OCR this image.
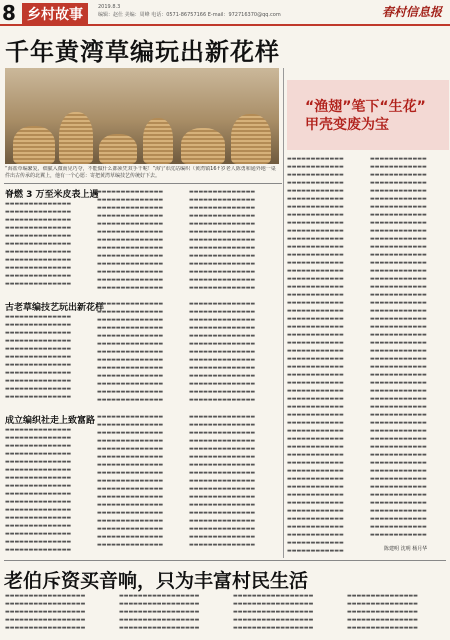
8 乡村故事	2019.8.3
编辑：赵仕 美编：周峰 电话：0571-86757166 E-mail：972716370@qq.com	春村信息报
千年黄湾草编玩出新花样
“海盐草编繁复、细腻入微而见巧夺，不能做什么都须凭双手干呢！”海宁市沈站编织（黄湾镇16↑岁老人陈勇和通外地一桌件出古传承的北翼上，他有一个心愿：寄把黄湾草编技艺传统好下去。
“渔翅”笔下“生花”
甲壳变废为宝
脊燃 3 万至米皮表上遇
古老草编技艺玩出新花样
成立编织社走上致富路
▬▬▬▬▬▬▬▬▬▬▬▬▬▬
▬▬▬▬▬▬▬▬▬▬▬▬▬▬
▬▬▬▬▬▬▬▬▬▬▬▬▬▬
▬▬▬▬▬▬▬▬▬▬▬▬▬▬
▬▬▬▬▬▬▬▬▬▬▬▬▬▬
▬▬▬▬▬▬▬▬▬▬▬▬▬▬
▬▬▬▬▬▬▬▬▬▬▬▬▬▬
▬▬▬▬▬▬▬▬▬▬▬▬▬▬
▬▬▬▬▬▬▬▬▬▬▬▬▬▬
▬▬▬▬▬▬▬▬▬▬▬▬▬▬
▬▬▬▬▬▬▬▬▬▬▬▬▬▬
▬▬▬▬▬▬▬▬▬▬▬▬▬▬
▬▬▬▬▬▬▬▬▬▬▬▬▬▬
▬▬▬▬▬▬▬▬▬▬▬▬▬▬
▬▬▬▬▬▬▬▬▬▬▬▬▬▬
▬▬▬▬▬▬▬▬▬▬▬▬▬▬
▬▬▬▬▬▬▬▬▬▬▬▬▬▬
▬▬▬▬▬▬▬▬▬▬▬▬▬▬
▬▬▬▬▬▬▬▬▬▬▬▬▬▬
▬▬▬▬▬▬▬▬▬▬▬▬▬▬
▬▬▬▬▬▬▬▬▬▬▬▬▬▬
▬▬▬▬▬▬▬▬▬▬▬▬▬▬
▬▬▬▬▬▬▬▬▬▬▬▬▬▬
▬▬▬▬▬▬▬▬▬▬▬▬▬▬
▬▬▬▬▬▬▬▬▬▬▬▬▬▬
▬▬▬▬▬▬▬▬▬▬▬▬▬▬
▬▬▬▬▬▬▬▬▬▬▬▬▬▬
▬▬▬▬▬▬▬▬▬▬▬▬▬▬
▬▬▬▬▬▬▬▬▬▬▬▬▬▬
▬▬▬▬▬▬▬▬▬▬▬▬▬▬
▬▬▬▬▬▬▬▬▬▬▬▬▬▬
▬▬▬▬▬▬▬▬▬▬▬▬▬▬
▬▬▬▬▬▬▬▬▬▬▬▬▬▬
▬▬▬▬▬▬▬▬▬▬▬▬▬▬
▬▬▬▬▬▬▬▬▬▬▬▬▬▬
▬▬▬▬▬▬▬▬▬▬▬▬▬▬
▬▬▬▬▬▬▬▬▬▬▬▬▬▬
▬▬▬▬▬▬▬▬▬▬▬▬▬▬
▬▬▬▬▬▬▬▬▬▬▬▬▬▬
▬▬▬▬▬▬▬▬▬▬▬▬▬▬
▬▬▬▬▬▬▬▬▬▬▬▬▬▬
▬▬▬▬▬▬▬▬▬▬▬▬▬▬
▬▬▬▬▬▬▬▬▬▬▬▬▬▬
▬▬▬▬▬▬▬▬▬▬▬▬▬▬
▬▬▬▬▬▬▬▬▬▬▬▬▬▬
▬▬▬▬▬▬▬▬▬▬▬▬▬▬
▬▬▬▬▬▬▬▬▬▬▬▬▬▬
▬▬▬▬▬▬▬▬▬▬▬▬▬▬
▬▬▬▬▬▬▬▬▬▬▬▬▬▬
▬▬▬▬▬▬▬▬▬▬▬▬▬▬
▬▬▬▬▬▬▬▬▬▬▬▬▬▬
▬▬▬▬▬▬▬▬▬▬▬▬▬▬
▬▬▬▬▬▬▬▬▬▬▬▬▬▬
▬▬▬▬▬▬▬▬▬▬▬▬▬▬
▬▬▬▬▬▬▬▬▬▬▬▬▬▬
▬▬▬▬▬▬▬▬▬▬▬▬▬▬
▬▬▬▬▬▬▬▬▬▬▬▬▬▬
▬▬▬▬▬▬▬▬▬▬▬▬▬▬
▬▬▬▬▬▬▬▬▬▬▬▬▬▬
▬▬▬▬▬▬▬▬▬▬▬▬▬▬
▬▬▬▬▬▬▬▬▬▬▬▬▬▬
▬▬▬▬▬▬▬▬▬▬▬▬▬▬
▬▬▬▬▬▬▬▬▬▬▬▬▬▬
▬▬▬▬▬▬▬▬▬▬▬▬▬▬
▬▬▬▬▬▬▬▬▬▬▬▬▬▬
▬▬▬▬▬▬▬▬▬▬▬▬▬▬
▬▬▬▬▬▬▬▬▬▬▬▬▬▬
▬▬▬▬▬▬▬▬▬▬▬▬▬▬
▬▬▬▬▬▬▬▬▬▬▬▬▬▬
▬▬▬▬▬▬▬▬▬▬▬▬▬▬
▬▬▬▬▬▬▬▬▬▬▬▬▬▬
▬▬▬▬▬▬▬▬▬▬▬▬▬▬
▬▬▬▬▬▬▬▬▬▬▬▬▬▬
▬▬▬▬▬▬▬▬▬▬▬▬▬▬
▬▬▬▬▬▬▬▬▬▬▬▬▬▬
▬▬▬▬▬▬▬▬▬▬▬▬▬▬
▬▬▬▬▬▬▬▬▬▬▬▬▬▬
▬▬▬▬▬▬▬▬▬▬▬▬▬▬
▬▬▬▬▬▬▬▬▬▬▬▬▬▬
▬▬▬▬▬▬▬▬▬▬▬▬▬▬
▬▬▬▬▬▬▬▬▬▬▬▬▬▬
▬▬▬▬▬▬▬▬▬▬▬▬▬▬
▬▬▬▬▬▬▬▬▬▬▬▬▬▬
▬▬▬▬▬▬▬▬▬▬▬▬▬▬
▬▬▬▬▬▬▬▬▬▬▬▬▬▬
▬▬▬▬▬▬▬▬▬▬▬▬▬▬
▬▬▬▬▬▬▬▬▬▬▬▬▬▬
▬▬▬▬▬▬▬▬▬▬▬▬▬▬
▬▬▬▬▬▬▬▬▬▬▬▬▬▬
▬▬▬▬▬▬▬▬▬▬▬▬▬▬
▬▬▬▬▬▬▬▬▬▬▬▬▬▬
▬▬▬▬▬▬▬▬▬▬▬▬▬▬
▬▬▬▬▬▬▬▬▬▬▬▬▬▬
▬▬▬▬▬▬▬▬▬▬▬▬▬▬
▬▬▬▬▬▬▬▬▬▬▬▬▬▬
▬▬▬▬▬▬▬▬▬▬▬▬▬▬
▬▬▬▬▬▬▬▬▬▬▬▬▬▬
▬▬▬▬▬▬▬▬▬▬▬▬▬▬
▬▬▬▬▬▬▬▬▬▬▬▬▬▬
▬▬▬▬▬▬▬▬▬▬▬▬▬▬
▬▬▬▬▬▬▬▬▬▬▬▬▬▬
▬▬▬▬▬▬▬▬▬▬▬▬▬▬
▬▬▬▬▬▬▬▬▬▬▬▬▬▬
▬▬▬▬▬▬▬▬▬▬▬▬▬▬
▬▬▬▬▬▬▬▬▬▬▬▬▬▬
▬▬▬▬▬▬▬▬▬▬▬▬▬▬
▬▬▬▬▬▬▬▬▬▬▬▬▬▬
▬▬▬▬▬▬▬▬▬▬▬▬▬▬
▬▬▬▬▬▬▬▬▬▬▬▬▬▬
▬▬▬▬▬▬▬▬▬▬▬▬▬▬
▬▬▬▬▬▬▬▬▬▬▬▬▬▬
▬▬▬▬▬▬▬▬▬▬▬▬▬▬
▬▬▬▬▬▬▬▬▬▬▬▬▬▬
▬▬▬▬▬▬▬▬▬▬▬▬▬▬
▬▬▬▬▬▬▬▬▬▬▬▬▬▬
▬▬▬▬▬▬▬▬▬▬▬▬▬▬
▬▬▬▬▬▬▬▬▬▬▬▬▬▬
▬▬▬▬▬▬▬▬▬▬▬▬▬▬
▬▬▬▬▬▬▬▬▬▬▬▬▬▬
▬▬▬▬▬▬▬▬▬▬▬▬▬▬
▬▬▬▬▬▬▬▬▬▬▬▬▬▬
▬▬▬▬▬▬▬▬▬▬▬▬▬▬
▬▬▬▬▬▬▬▬▬▬▬▬▬▬
▬▬▬▬▬▬▬▬▬▬▬▬▬▬
▬▬▬▬▬▬▬▬▬▬▬▬
▬▬▬▬▬▬▬▬▬▬▬▬
▬▬▬▬▬▬▬▬▬▬▬▬
▬▬▬▬▬▬▬▬▬▬▬▬
▬▬▬▬▬▬▬▬▬▬▬▬
▬▬▬▬▬▬▬▬▬▬▬▬
▬▬▬▬▬▬▬▬▬▬▬▬
▬▬▬▬▬▬▬▬▬▬▬▬
▬▬▬▬▬▬▬▬▬▬▬▬
▬▬▬▬▬▬▬▬▬▬▬▬
▬▬▬▬▬▬▬▬▬▬▬▬
▬▬▬▬▬▬▬▬▬▬▬▬
▬▬▬▬▬▬▬▬▬▬▬▬
▬▬▬▬▬▬▬▬▬▬▬▬
▬▬▬▬▬▬▬▬▬▬▬▬
▬▬▬▬▬▬▬▬▬▬▬▬
▬▬▬▬▬▬▬▬▬▬▬▬
▬▬▬▬▬▬▬▬▬▬▬▬
▬▬▬▬▬▬▬▬▬▬▬▬
▬▬▬▬▬▬▬▬▬▬▬▬
▬▬▬▬▬▬▬▬▬▬▬▬
▬▬▬▬▬▬▬▬▬▬▬▬
▬▬▬▬▬▬▬▬▬▬▬▬
▬▬▬▬▬▬▬▬▬▬▬▬
▬▬▬▬▬▬▬▬▬▬▬▬
▬▬▬▬▬▬▬▬▬▬▬▬
▬▬▬▬▬▬▬▬▬▬▬▬
▬▬▬▬▬▬▬▬▬▬▬▬
▬▬▬▬▬▬▬▬▬▬▬▬
▬▬▬▬▬▬▬▬▬▬▬▬
▬▬▬▬▬▬▬▬▬▬▬▬
▬▬▬▬▬▬▬▬▬▬▬▬
▬▬▬▬▬▬▬▬▬▬▬▬
▬▬▬▬▬▬▬▬▬▬▬▬
▬▬▬▬▬▬▬▬▬▬▬▬
▬▬▬▬▬▬▬▬▬▬▬▬
▬▬▬▬▬▬▬▬▬▬▬▬
▬▬▬▬▬▬▬▬▬▬▬▬
▬▬▬▬▬▬▬▬▬▬▬▬
▬▬▬▬▬▬▬▬▬▬▬▬
▬▬▬▬▬▬▬▬▬▬▬▬
▬▬▬▬▬▬▬▬▬▬▬▬
▬▬▬▬▬▬▬▬▬▬▬▬
▬▬▬▬▬▬▬▬▬▬▬▬
▬▬▬▬▬▬▬▬▬▬▬▬
▬▬▬▬▬▬▬▬▬▬▬▬
▬▬▬▬▬▬▬▬▬▬▬▬
▬▬▬▬▬▬▬▬▬▬▬▬
▬▬▬▬▬▬▬▬▬▬▬▬
▬▬▬▬▬▬▬▬▬▬▬▬
▬▬▬▬▬▬▬▬▬▬▬▬
▬▬▬▬▬▬▬▬▬▬▬▬
▬▬▬▬▬▬▬▬▬▬▬▬
▬▬▬▬▬▬▬▬▬▬▬▬
▬▬▬▬▬▬▬▬▬▬▬▬
▬▬▬▬▬▬▬▬▬▬▬▬
▬▬▬▬▬▬▬▬▬▬▬▬
▬▬▬▬▬▬▬▬▬▬▬▬
▬▬▬▬▬▬▬▬▬▬▬▬
▬▬▬▬▬▬▬▬▬▬▬▬
▬▬▬▬▬▬▬▬▬▬▬▬
▬▬▬▬▬▬▬▬▬▬▬▬
▬▬▬▬▬▬▬▬▬▬▬▬
▬▬▬▬▬▬▬▬▬▬▬▬
▬▬▬▬▬▬▬▬▬▬▬▬
▬▬▬▬▬▬▬▬▬▬▬▬
▬▬▬▬▬▬▬▬▬▬▬▬
▬▬▬▬▬▬▬▬▬▬▬▬
▬▬▬▬▬▬▬▬▬▬▬▬
▬▬▬▬▬▬▬▬▬▬▬▬
▬▬▬▬▬▬▬▬▬▬▬▬
▬▬▬▬▬▬▬▬▬▬▬▬
▬▬▬▬▬▬▬▬▬▬▬▬
▬▬▬▬▬▬▬▬▬▬▬▬
▬▬▬▬▬▬▬▬▬▬▬▬
▬▬▬▬▬▬▬▬▬▬▬▬
▬▬▬▬▬▬▬▬▬▬▬▬
▬▬▬▬▬▬▬▬▬▬▬▬
▬▬▬▬▬▬▬▬▬▬▬▬
▬▬▬▬▬▬▬▬▬▬▬▬
▬▬▬▬▬▬▬▬▬▬▬▬
▬▬▬▬▬▬▬▬▬▬▬▬
▬▬▬▬▬▬▬▬▬▬▬▬
▬▬▬▬▬▬▬▬▬▬▬▬
▬▬▬▬▬▬▬▬▬▬▬▬
▬▬▬▬▬▬▬▬▬▬▬▬
▬▬▬▬▬▬▬▬▬▬▬▬
▬▬▬▬▬▬▬▬▬▬▬▬
▬▬▬▬▬▬▬▬▬▬▬▬
▬▬▬▬▬▬▬▬▬▬▬▬
▬▬▬▬▬▬▬▬▬▬▬▬
▬▬▬▬▬▬▬▬▬▬▬▬
▬▬▬▬▬▬▬▬▬▬▬▬
▬▬▬▬▬▬▬▬▬▬▬▬
▬▬▬▬▬▬▬▬▬▬▬▬
▬▬▬▬▬▬▬▬▬▬▬▬
▬▬▬▬▬▬▬▬▬▬▬▬
▬▬▬▬▬▬▬▬▬▬▬▬
陈建明 沈明 杨月华
老伯斥资买音响，只为丰富村民生活
▬▬▬▬▬▬▬▬▬▬▬▬▬▬▬▬▬
▬▬▬▬▬▬▬▬▬▬▬▬▬▬▬▬▬
▬▬▬▬▬▬▬▬▬▬▬▬▬▬▬▬▬
▬▬▬▬▬▬▬▬▬▬▬▬▬▬▬▬▬
▬▬▬▬▬▬▬▬▬▬▬▬▬▬▬▬▬
▬▬▬▬▬▬▬▬▬▬▬▬▬▬▬▬▬
▬▬▬▬▬▬▬▬▬▬▬▬▬▬▬▬▬
▬▬▬▬▬▬▬▬▬▬▬▬▬▬▬▬▬
▬▬▬▬▬▬▬▬▬▬▬▬▬▬▬▬▬
▬▬▬▬▬▬▬▬▬▬▬▬▬▬▬▬▬
▬▬▬▬▬▬▬▬▬▬▬▬▬▬▬▬▬
▬▬▬▬▬▬▬▬▬▬▬▬▬▬▬▬▬
▬▬▬▬▬▬▬▬▬▬▬▬▬▬▬▬▬
▬▬▬▬▬▬▬▬▬▬▬▬▬▬▬▬▬
▬▬▬▬▬▬▬▬▬▬▬▬▬▬▬▬▬
▬▬▬▬▬▬▬▬▬▬▬▬▬▬▬
▬▬▬▬▬▬▬▬▬▬▬▬▬▬▬
▬▬▬▬▬▬▬▬▬▬▬▬▬▬▬
▬▬▬▬▬▬▬▬▬▬▬▬▬▬▬
▬▬▬▬▬▬▬▬▬▬▬▬▬▬▬
